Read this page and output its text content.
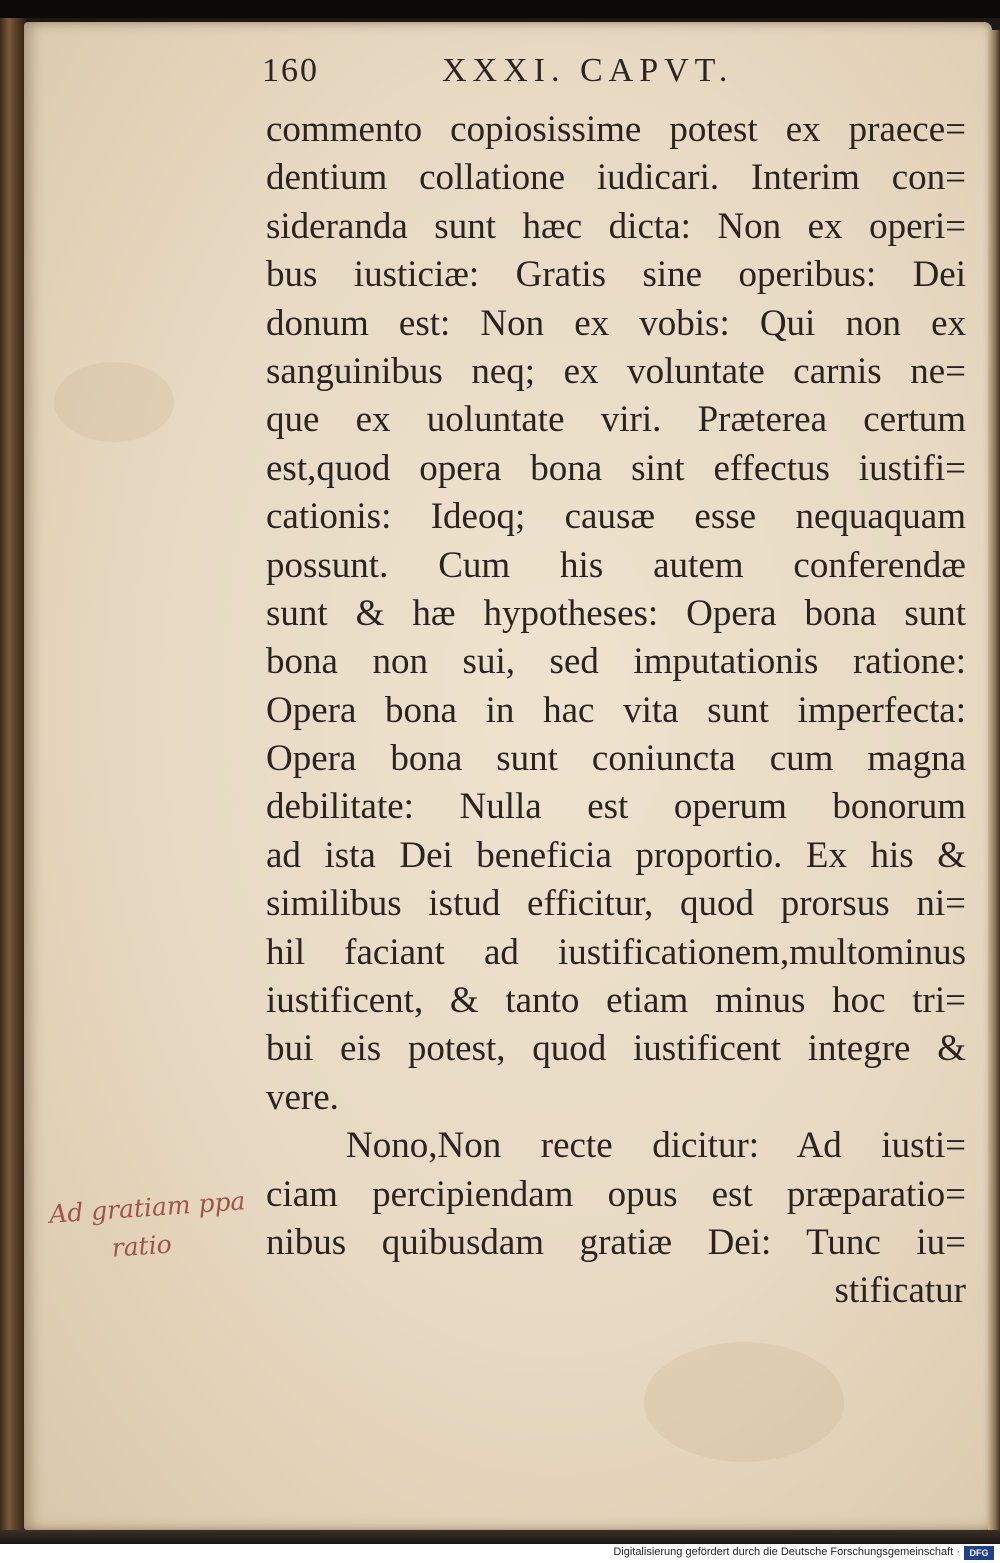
160	XXXI. CAPVT.
commento copiosissime potest ex praece=
dentium collatione iudicari. Interim con=
sideranda sunt hæc dicta: Non ex operi=
bus iusticiæ: Gratis sine operibus: Dei
donum est: Non ex vobis: Qui non ex
sanguinibus neq; ex voluntate carnis ne=
que ex uoluntate viri. Præterea certum
est,quod opera bona sint effectus iustifi=
cationis: Ideoq; causæ esse nequaquam
possunt. Cum his autem conferendæ
sunt & hæ hypotheses: Opera bona sunt
bona non sui, sed imputationis ratione:
Opera bona in hac vita sunt imperfecta:
Opera bona sunt coniuncta cum magna
debilitate: Nulla est operum bonorum
ad ista Dei beneficia proportio. Ex his &
similibus istud efficitur, quod prorsus ni=
hil faciant ad iustificationem,multominus
iustificent, & tanto etiam minus hoc tri=
bui eis potest, quod iustificent integre &
vere.
Nono,Non recte dicitur: Ad iusti=
ciam percipiendam opus est præparatio=
nibus quibusdam gratiæ Dei: Tunc iu=
stificatur
Ad gratiam ppa
ratio
Digitalisierung gefördert durch die Deutsche Forschungsgemeinschaft ·	DFG
